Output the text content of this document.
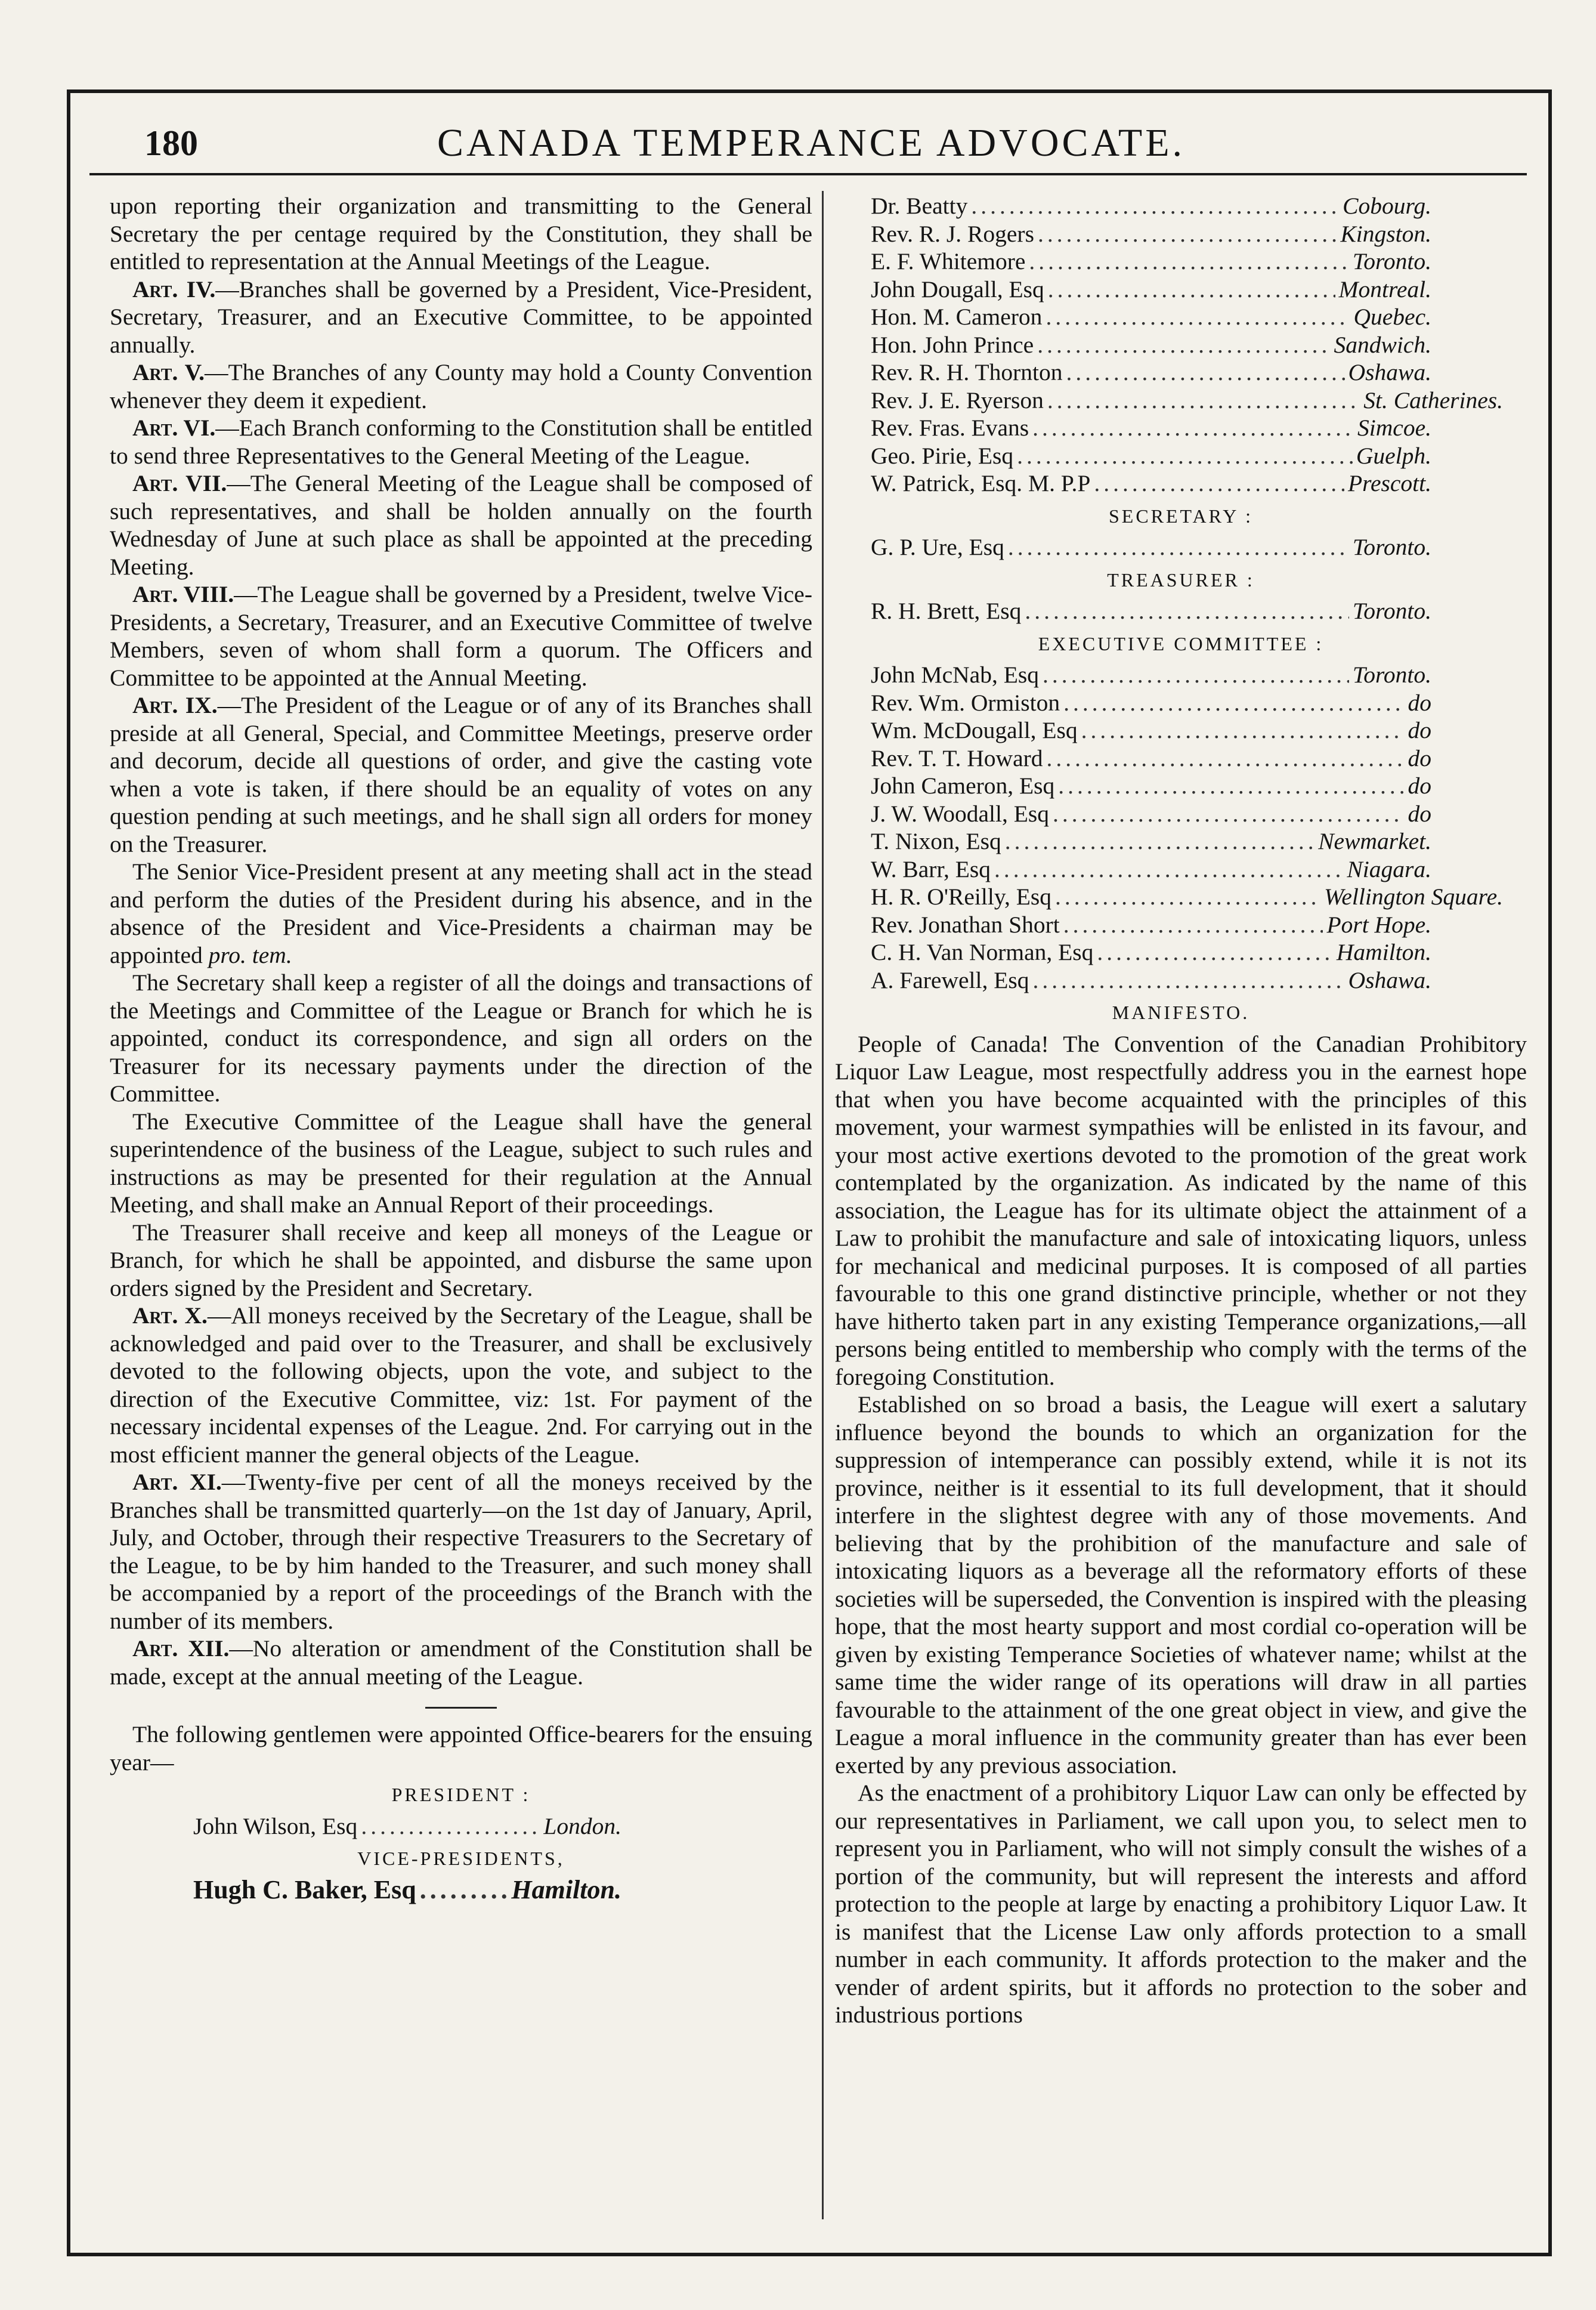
180	CANADA TEMPERANCE ADVOCATE.

upon reporting their organization and transmitting to the General Secretary the per centage required by the Constitution, they shall be entitled to representation at the Annual Meetings of the League.

Art. IV.—Branches shall be governed by a President, Vice-President, Secretary, Treasurer, and an Executive Committee, to be appointed annually.

Art. V.—The Branches of any County may hold a County Convention whenever they deem it expedient.

Art. VI.—Each Branch conforming to the Constitution shall be entitled to send three Representatives to the General Meeting of the League.

Art. VII.—The General Meeting of the League shall be composed of such representatives, and shall be holden annually on the fourth Wednesday of June at such place as shall be appointed at the preceding Meeting.

Art. VIII.—The League shall be governed by a President, twelve Vice-Presidents, a Secretary, Treasurer, and an Executive Committee of twelve Members, seven of whom shall form a quorum. The Officers and Committee to be appointed at the Annual Meeting.

Art. IX.—The President of the League or of any of its Branches shall preside at all General, Special, and Committee Meetings, preserve order and decorum, decide all questions of order, and give the casting vote when a vote is taken, if there should be an equality of votes on any question pending at such meetings, and he shall sign all orders for money on the Treasurer.

The Senior Vice-President present at any meeting shall act in the stead and perform the duties of the President during his absence, and in the absence of the President and Vice-Presidents a chairman may be appointed pro. tem.

The Secretary shall keep a register of all the doings and transactions of the Meetings and Committee of the League or Branch for which he is appointed, conduct its correspondence, and sign all orders on the Treasurer for its necessary payments under the direction of the Committee.

The Executive Committee of the League shall have the general superintendence of the business of the League, subject to such rules and instructions as may be presented for their regulation at the Annual Meeting, and shall make an Annual Report of their proceedings.

The Treasurer shall receive and keep all moneys of the League or Branch, for which he shall be appointed, and disburse the same upon orders signed by the President and Secretary.

Art. X.—All moneys received by the Secretary of the League, shall be acknowledged and paid over to the Treasurer, and shall be exclusively devoted to the following objects, upon the vote, and subject to the direction of the Executive Committee, viz: 1st. For payment of the necessary incidental expenses of the League. 2nd. For carrying out in the most efficient manner the general objects of the League.

Art. XI.—Twenty-five per cent of all the moneys received by the Branches shall be transmitted quarterly—on the 1st day of January, April, July, and October, through their respective Treasurers to the Secretary of the League, to be by him handed to the Treasurer, and such money shall be accompanied by a report of the proceedings of the Branch with the number of its members.

Art. XII.—No alteration or amendment of the Constitution shall be made, except at the annual meeting of the League.

The following gentlemen were appointed Office-bearers for the ensuing year—

PRESIDENT :
John Wilson, Esq .....	London.
VICE-PRESIDENTS,
Hugh C. Baker, Esq .....	Hamilton.
Dr. Beatty .....	Cobourg.
Rev. R. J. Rogers .....	Kingston.
E. F. Whitemore .....	Toronto.
John Dougall, Esq .....	Montreal.
Hon. M. Cameron .....	Quebec.
Hon. John Prince .....	Sandwich.
Rev. R. H. Thornton .....	Oshawa.
Rev. J. E. Ryerson .....	St. Catherines.
Rev. Fras. Evans .....	Simcoe.
Geo. Pirie, Esq .....	Guelph.
W. Patrick, Esq. M. P.P .....	Prescott.
SECRETARY :
G. P. Ure, Esq .....	Toronto.
TREASURER :
R. H. Brett, Esq .....	Toronto.
EXECUTIVE COMMITTEE :
John McNab, Esq .....	Toronto.
Rev. Wm. Ormiston .....	do
Wm. McDougall, Esq .....	do
Rev. T. T. Howard .....	do
John Cameron, Esq .....	do
J. W. Woodall, Esq .....	do
T. Nixon, Esq .....	Newmarket.
W. Barr, Esq .....	Niagara.
H. R. O'Reilly, Esq .....	Wellington Square.
Rev. Jonathan Short .....	Port Hope.
C. H. Van Norman, Esq .....	Hamilton.
A. Farewell, Esq .....	Oshawa.
MANIFESTO.

People of Canada! The Convention of the Canadian Prohibitory Liquor Law League, most respectfully address you in the earnest hope that when you have become acquainted with the principles of this movement, your warmest sympathies will be enlisted in its favour, and your most active exertions devoted to the promotion of the great work contemplated by the organization. As indicated by the name of this association, the League has for its ultimate object the attainment of a Law to prohibit the manufacture and sale of intoxicating liquors, unless for mechanical and medicinal purposes. It is composed of all parties favourable to this one grand distinctive principle, whether or not they have hitherto taken part in any existing Temperance organizations,—all persons being entitled to membership who comply with the terms of the foregoing Constitution.

Established on so broad a basis, the League will exert a salutary influence beyond the bounds to which an organization for the suppression of intemperance can possibly extend, while it is not its province, neither is it essential to its full development, that it should interfere in the slightest degree with any of those movements. And believing that by the prohibition of the manufacture and sale of intoxicating liquors as a beverage all the reformatory efforts of these societies will be superseded, the Convention is inspired with the pleasing hope, that the most hearty support and most cordial co-operation will be given by existing Temperance Societies of whatever name; whilst at the same time the wider range of its operations will draw in all parties favourable to the attainment of the one great object in view, and give the League a moral influence in the community greater than has ever been exerted by any previous association.

As the enactment of a prohibitory Liquor Law can only be effected by our representatives in Parliament, we call upon you, to select men to represent you in Parliament, who will not simply consult the wishes of a portion of the community, but will represent the interests and afford protection to the people at large by enacting a prohibitory Liquor Law. It is manifest that the License Law only affords protection to a small number in each community. It affords protection to the maker and the vender of ardent spirits, but it affords no protection to the sober and industrious portions
